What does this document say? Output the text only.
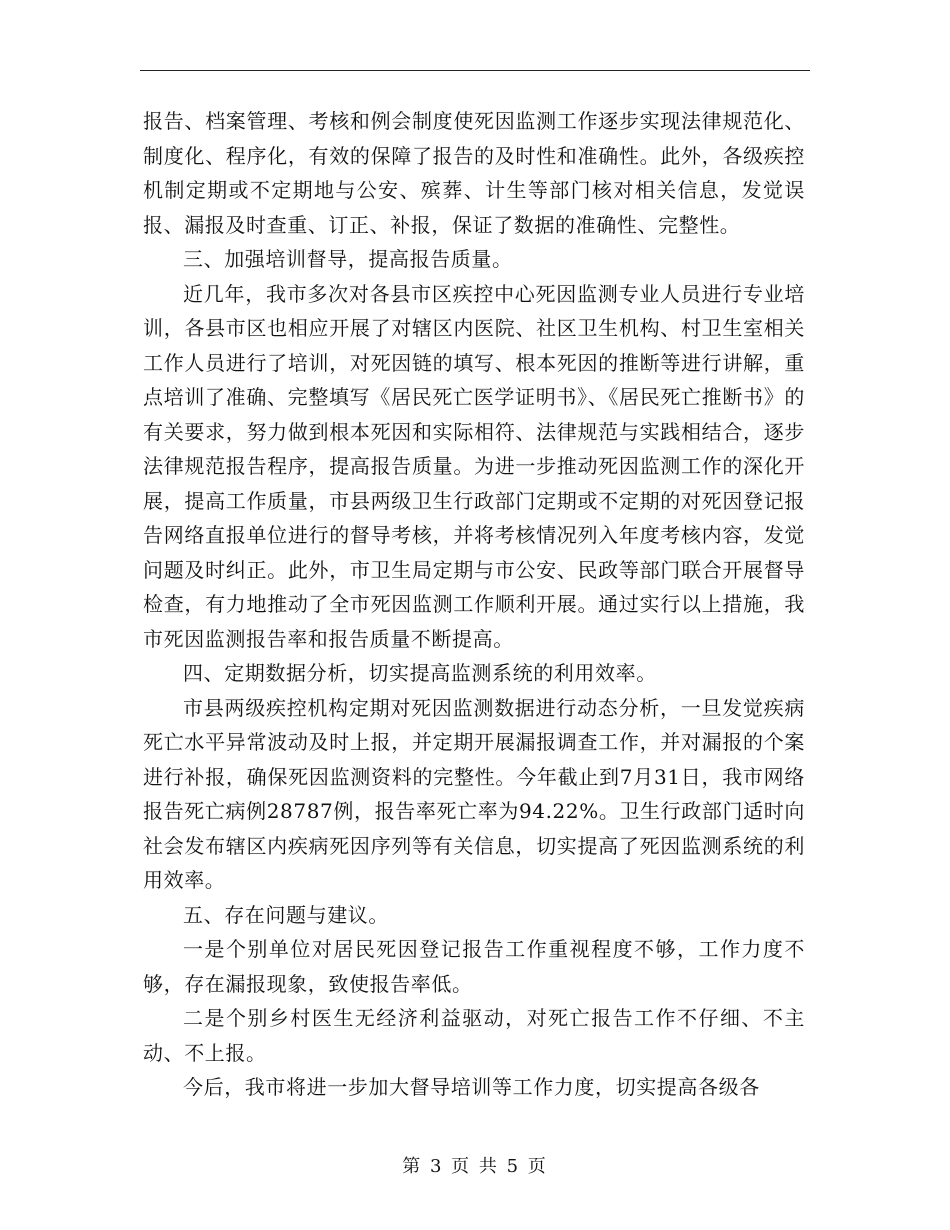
报告、档案管理、考核和例会制度使死因监测工作逐步实现法律规范化、制度化、程序化，有效的保障了报告的及时性和准确性。此外，各级疾控机制定期或不定期地与公安、殡葬、计生等部门核对相关信息，发觉误报、漏报及时查重、订正、补报，保证了数据的准确性、完整性。

三、加强培训督导，提高报告质量。

近几年，我市多次对各县市区疾控中心死因监测专业人员进行专业培训，各县市区也相应开展了对辖区内医院、社区卫生机构、村卫生室相关工作人员进行了培训，对死因链的填写、根本死因的推断等进行讲解，重点培训了准确、完整填写《居民死亡医学证明书》、《居民死亡推断书》的有关要求，努力做到根本死因和实际相符、法律规范与实践相结合，逐步法律规范报告程序，提高报告质量。为进一步推动死因监测工作的深化开展，提高工作质量，市县两级卫生行政部门定期或不定期的对死因登记报告网络直报单位进行的督导考核，并将考核情况列入年度考核内容，发觉问题及时纠正。此外，市卫生局定期与市公安、民政等部门联合开展督导检查，有力地推动了全市死因监测工作顺利开展。通过实行以上措施，我市死因监测报告率和报告质量不断提高。

四、定期数据分析，切实提高监测系统的利用效率。

市县两级疾控机构定期对死因监测数据进行动态分析，一旦发觉疾病死亡水平异常波动及时上报，并定期开展漏报调查工作，并对漏报的个案进行补报，确保死因监测资料的完整性。今年截止到7月31日，我市网络报告死亡病例28787例，报告率死亡率为94.22%。卫生行政部门适时向社会发布辖区内疾病死因序列等有关信息，切实提高了死因监测系统的利用效率。

五、存在问题与建议。

一是个别单位对居民死因登记报告工作重视程度不够，工作力度不够，存在漏报现象，致使报告率低。

二是个别乡村医生无经济利益驱动，对死亡报告工作不仔细、不主动、不上报。

今后，我市将进一步加大督导培训等工作力度，切实提高各级各

第 3 页 共 5 页
